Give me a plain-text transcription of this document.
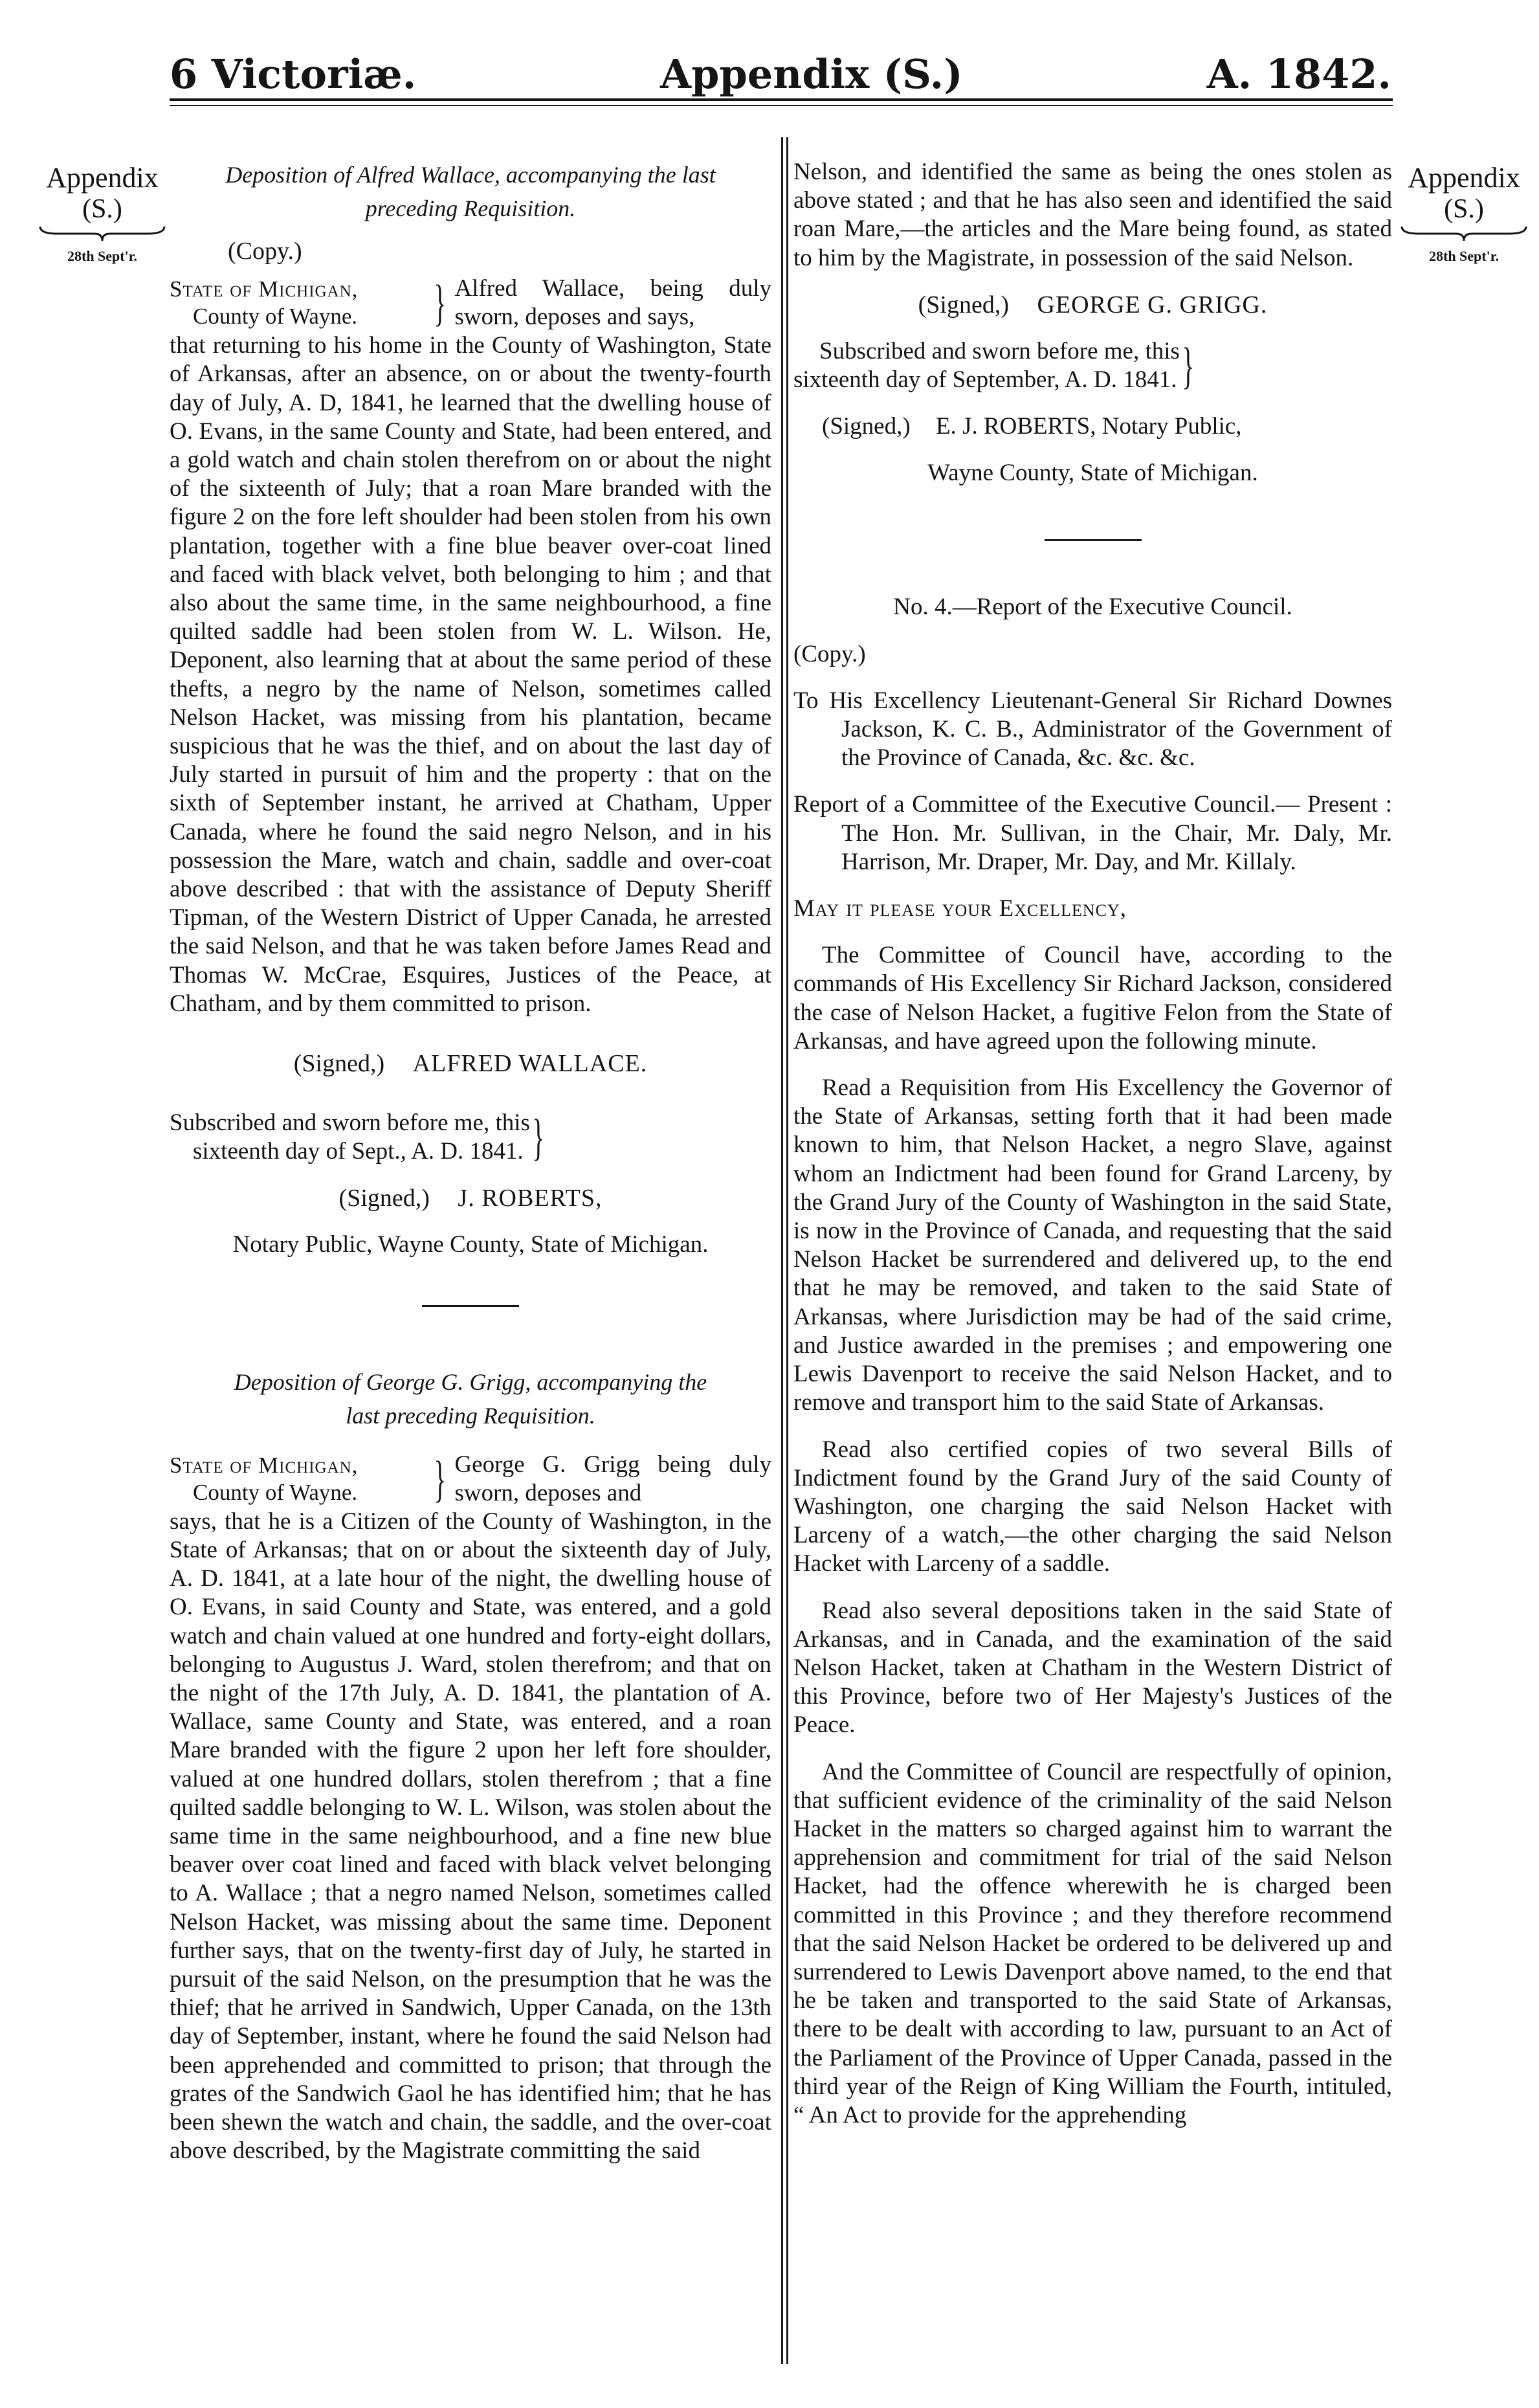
6 Victoriæ.	Appendix (S.)	A. 1842.
Appendix
(S.)
28th Sept'r.
Appendix
(S.)
28th Sept'r.

Deposition of Alfred Wallace, accompanying the last

preceding Requisition.

(Copy.)

State of Michigan,
County of Wayne.	} Alfred Wallace, being duly sworn, deposes and says,

that returning to his home in the County of Washington, State of Arkansas, after an absence, on or about the twenty-fourth day of July, A. D, 1841, he learned that the dwelling house of O. Evans, in the same County and State, had been entered, and a gold watch and chain stolen therefrom on or about the night of the sixteenth of July; that a roan Mare branded with the figure 2 on the fore left shoulder had been stolen from his own plantation, together with a fine blue beaver over-coat lined and faced with black velvet, both belonging to him ; and that also about the same time, in the same neighbourhood, a fine quilted saddle had been stolen from W. L. Wilson. He, Deponent, also learning that at about the same period of these thefts, a negro by the name of Nelson, sometimes called Nelson Hacket, was missing from his plantation, became suspicious that he was the thief, and on about the last day of July started in pursuit of him and the property : that on the sixth of September instant, he arrived at Chatham, Upper Canada, where he found the said negro Nelson, and in his possession the Mare, watch and chain, saddle and over-coat above described : that with the assistance of Deputy Sheriff Tipman, of the Western District of Upper Canada, he arrested the said Nelson, and that he was taken before James Read and Thomas W. McCrae, Esquires, Justices of the Peace, at Chatham, and by them committed to prison.

(Signed,) ALFRED WALLACE.

Subscribed and sworn before me, this
sixteenth day of Sept., A. D. 1841. }

(Signed,) J. ROBERTS,

Notary Public, Wayne County, State of Michigan.

Deposition of George G. Grigg, accompanying the

last preceding Requisition.

State of Michigan,
County of Wayne.	} George G. Grigg being duly sworn, deposes and

says, that he is a Citizen of the County of Washington, in the State of Arkansas; that on or about the sixteenth day of July, A. D. 1841, at a late hour of the night, the dwelling house of O. Evans, in said County and State, was entered, and a gold watch and chain valued at one hundred and forty-eight dollars, belonging to Augustus J. Ward, stolen therefrom; and that on the night of the 17th July, A. D. 1841, the plantation of A. Wallace, same County and State, was entered, and a roan Mare branded with the figure 2 upon her left fore shoulder, valued at one hundred dollars, stolen therefrom ; that a fine quilted saddle belonging to W. L. Wilson, was stolen about the same time in the same neighbourhood, and a fine new blue beaver over coat lined and faced with black velvet belonging to A. Wallace ; that a negro named Nelson, sometimes called Nelson Hacket, was missing about the same time. Deponent further says, that on the twenty-first day of July, he started in pursuit of the said Nelson, on the presumption that he was the thief; that he arrived in Sandwich, Upper Canada, on the 13th day of September, instant, where he found the said Nelson had been apprehended and committed to prison; that through the grates of the Sandwich Gaol he has identified him; that he has been shewn the watch and chain, the saddle, and the over-coat above described, by the Magistrate committing the said

Nelson, and identified the same as being the ones stolen as above stated ; and that he has also seen and identified the said roan Mare,—the articles and the Mare being found, as stated to him by the Magistrate, in possession of the said Nelson.

(Signed,) GEORGE G. GRIGG.

Subscribed and sworn before me, this
sixteenth day of September, A. D. 1841. }

(Signed,) E. J. ROBERTS, Notary Public,

Wayne County, State of Michigan.

No. 4.—Report of the Executive Council.

(Copy.)

To His Excellency Lieutenant-General Sir Richard Downes Jackson, K. C. B., Administrator of the Government of the Province of Canada, &c. &c. &c.

Report of a Committee of the Executive Council.— Present : The Hon. Mr. Sullivan, in the Chair, Mr. Daly, Mr. Harrison, Mr. Draper, Mr. Day, and Mr. Killaly.

May it please your Excellency,

The Committee of Council have, according to the commands of His Excellency Sir Richard Jackson, considered the case of Nelson Hacket, a fugitive Felon from the State of Arkansas, and have agreed upon the following minute.

Read a Requisition from His Excellency the Governor of the State of Arkansas, setting forth that it had been made known to him, that Nelson Hacket, a negro Slave, against whom an Indictment had been found for Grand Larceny, by the Grand Jury of the County of Washington in the said State, is now in the Province of Canada, and requesting that the said Nelson Hacket be surrendered and delivered up, to the end that he may be removed, and taken to the said State of Arkansas, where Jurisdiction may be had of the said crime, and Justice awarded in the premises ; and empowering one Lewis Davenport to receive the said Nelson Hacket, and to remove and transport him to the said State of Arkansas.

Read also certified copies of two several Bills of Indictment found by the Grand Jury of the said County of Washington, one charging the said Nelson Hacket with Larceny of a watch,—the other charging the said Nelson Hacket with Larceny of a saddle.

Read also several depositions taken in the said State of Arkansas, and in Canada, and the examination of the said Nelson Hacket, taken at Chatham in the Western District of this Province, before two of Her Majesty's Justices of the Peace.

And the Committee of Council are respectfully of opinion, that sufficient evidence of the criminality of the said Nelson Hacket in the matters so charged against him to warrant the apprehension and commitment for trial of the said Nelson Hacket, had the offence wherewith he is charged been committed in this Province ; and they therefore recommend that the said Nelson Hacket be ordered to be delivered up and surrendered to Lewis Davenport above named, to the end that he be taken and transported to the said State of Arkansas, there to be dealt with according to law, pursuant to an Act of the Parliament of the Province of Upper Canada, passed in the third year of the Reign of King William the Fourth, intituled, “ An Act to provide for the apprehending
